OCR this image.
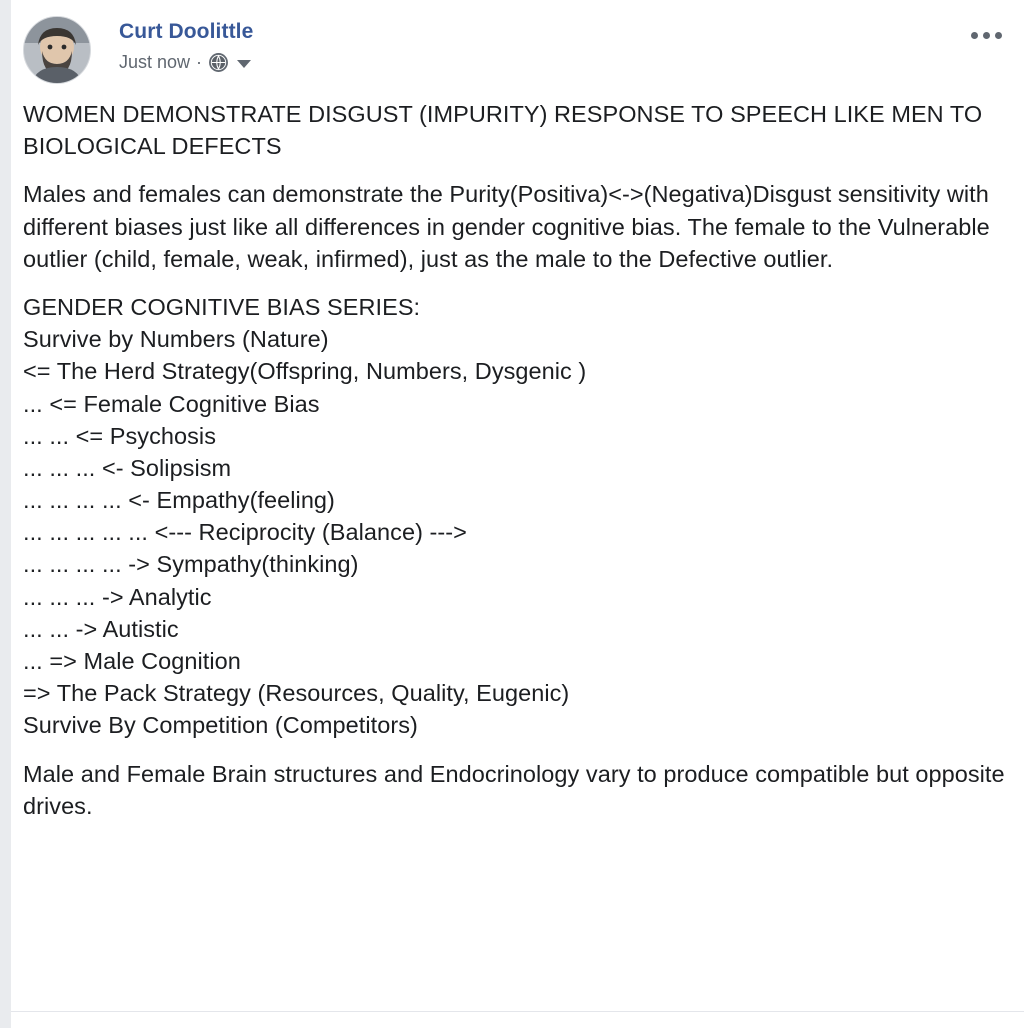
Curt Doolittle
Just now ·

WOMEN DEMONSTRATE DISGUST (IMPURITY) RESPONSE TO SPEECH LIKE MEN TO BIOLOGICAL DEFECTS

Males and females can demonstrate the Purity(Positiva)<->(Negativa)Disgust sensitivity with different biases just like all differences in gender cognitive bias. The female to the Vulnerable outlier (child, female, weak, infirmed), just as the male to the Defective outlier.

GENDER COGNITIVE BIAS SERIES:
Survive by Numbers (Nature)
<= The Herd Strategy(Offspring, Numbers, Dysgenic )
... <= Female Cognitive Bias
... ... <= Psychosis
... ... ... <- Solipsism
... ... ... ... <- Empathy(feeling)
... ... ... ... ... <--- Reciprocity (Balance) --->
... ... ... ... -> Sympathy(thinking)
... ... ... -> Analytic
... ... -> Autistic
... => Male Cognition
=> The Pack Strategy (Resources, Quality, Eugenic)
Survive By Competition (Competitors)

Male and Female Brain structures and Endocrinology vary to produce compatible but opposite drives.
